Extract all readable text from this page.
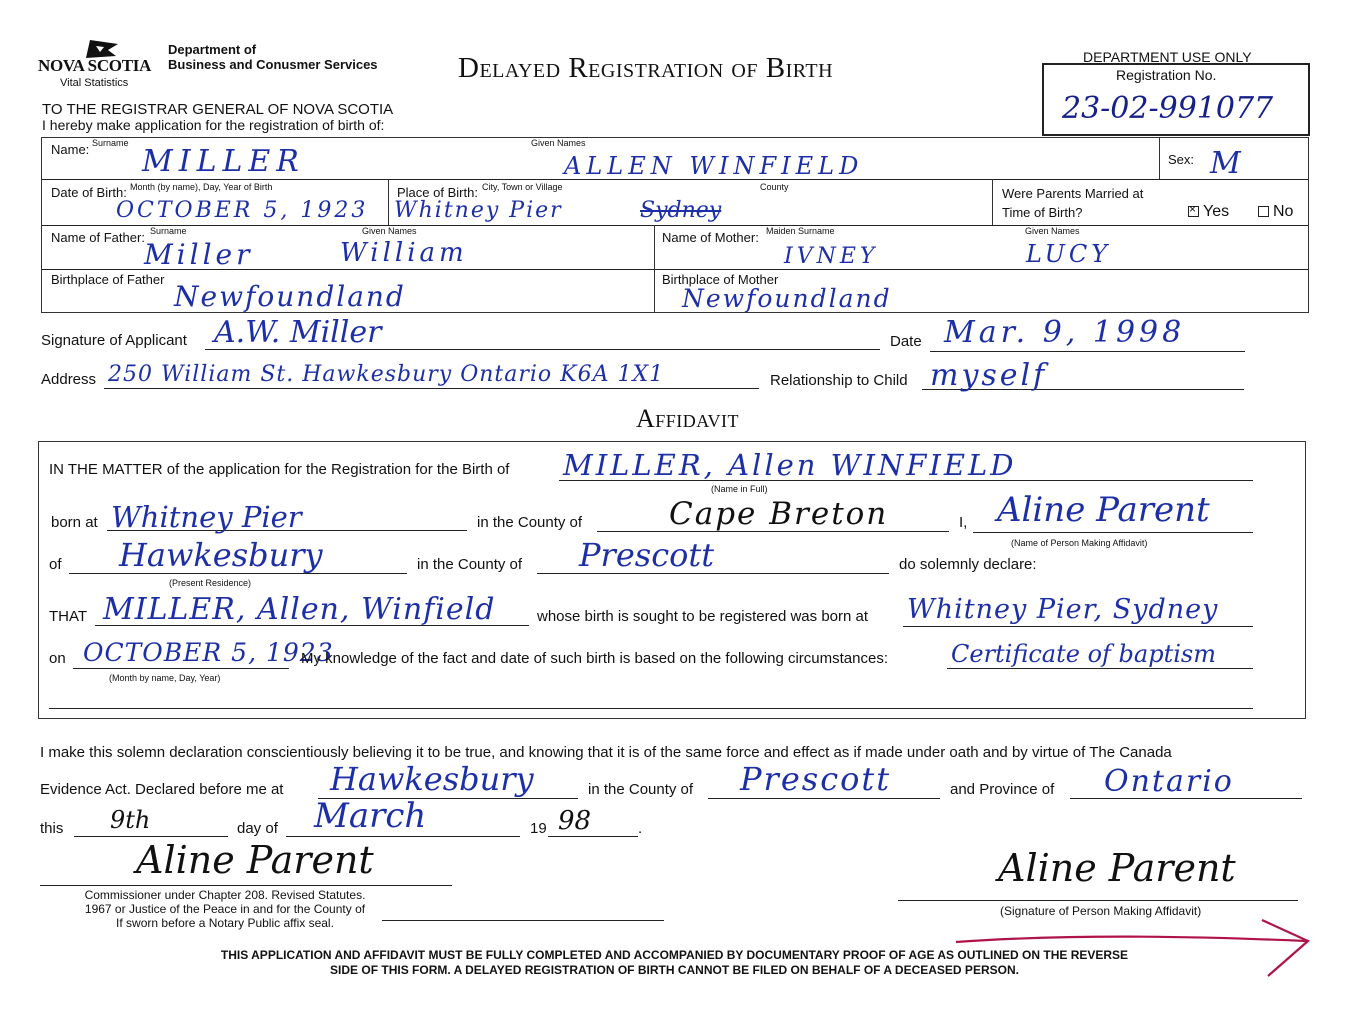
NOVA SCOTIA
Vital Statistics
Department of
Business and Conusmer Services	Delayed Registration of Birth
TO THE REGISTRAR GENERAL OF NOVA SCOTIA
I hereby make application for the registration of birth of:
DEPARTMENT USE ONLY
Registration No.
23-02-991077
Name: Surname	Given Names
MILLER	ALLEN WINFIELD	Sex: M
Date of Birth: Month (by name), Day, Year of Birth
OCTOBER 5, 1923
Place of Birth: City, Town or Village	County
Whitney Pier	Sydney
Were Parents Married at
Time of Birth?
×	Yes	No
Name of Father: Surname	Given Names
Miller	William
Name of Mother: Maiden Surname	Given Names
IVNEY	LUCY
Birthplace of Father
Newfoundland
Birthplace of Mother
Newfoundland
Signature of Applicant A.W. Miller	Date Mar. 9, 1998
Address 250 William St. Hawkesbury Ontario K6A 1X1	Relationship to Child myself
Affidavit
IN THE MATTER of the application for the Registration for the Birth of MILLER, Allen WINFIELD
(Name in Full)
born at Whitney Pier	in the County of	Cape Breton	I, Aline Parent
(Name of Person Making Affidavit)
of Hawkesbury
(Present Residence)
in the County of Prescott	do solemnly declare:
THAT MILLER, Allen, Winfield	whose birth is sought to be registered was born at Whitney Pier, Sydney
on OCTOBER 5, 1923
(Month by name, Day, Year)
My knowledge of the fact and date of such birth is based on the following circumstances:	Certificate of baptism
I make this solemn declaration conscientiously believing it to be true, and knowing that it is of the same force and effect as if made under oath and by virtue of The Canada
Evidence Act. Declared before me at Hawkesbury	in the County of Prescott	and Province of Ontario
this 9th	day of March	19 98	.
Aline Parent
Commissioner under Chapter 208. Revised Statutes.
1967 or Justice of the Peace in and for the County of
If sworn before a Notary Public affix seal.
Aline Parent
(Signature of Person Making Affidavit)
THIS APPLICATION AND AFFIDAVIT MUST BE FULLY COMPLETED AND ACCOMPANIED BY DOCUMENTARY PROOF OF AGE AS OUTLINED ON THE REVERSE
SIDE OF THIS FORM. A DELAYED REGISTRATION OF BIRTH CANNOT BE FILED ON BEHALF OF A DECEASED PERSON.
